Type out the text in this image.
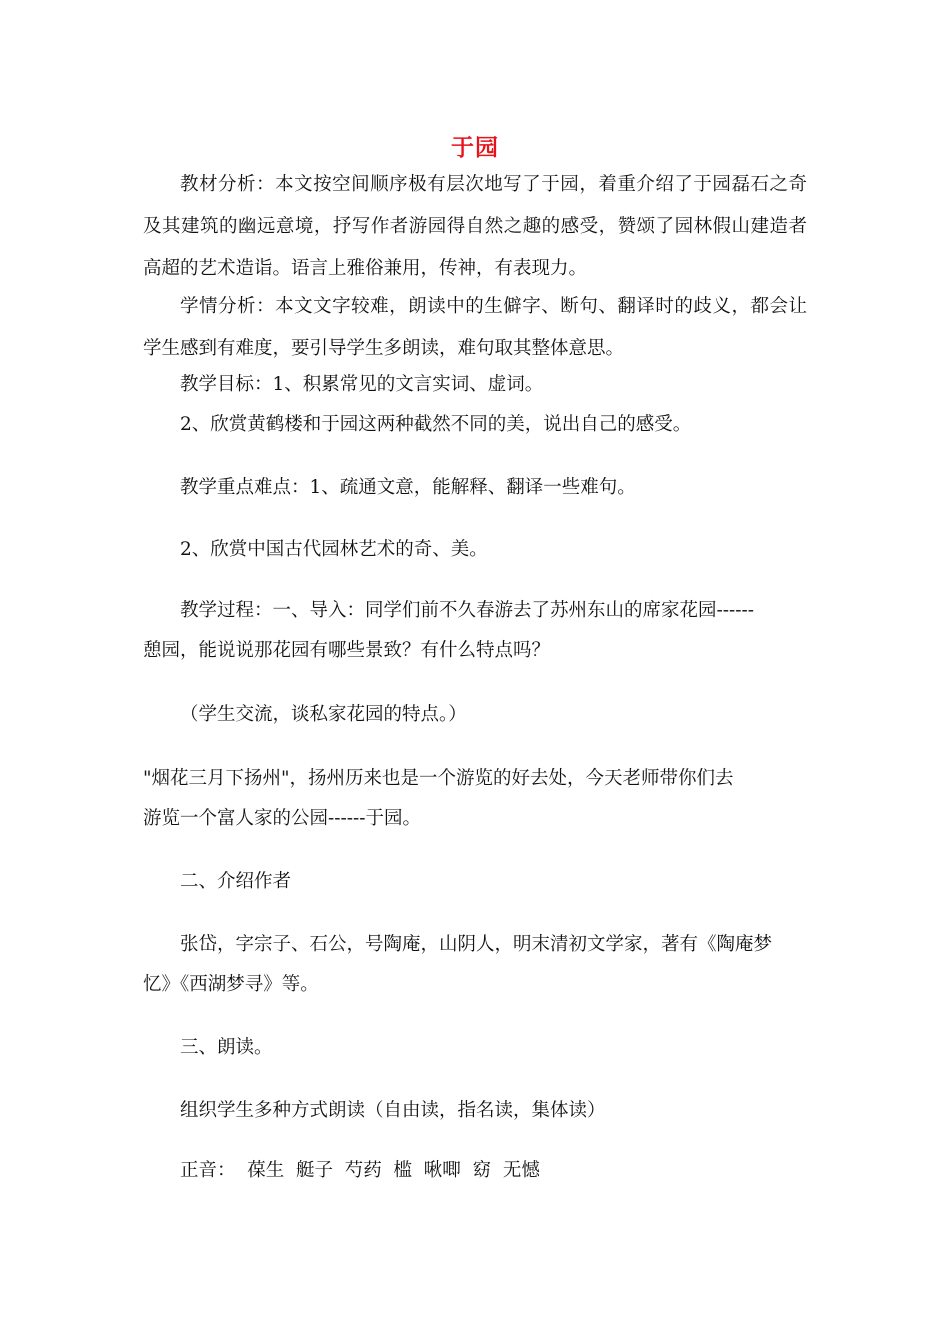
于园
教材分析：本文按空间顺序极有层次地写了于园，着重介绍了于园磊石之奇及其建筑的幽远意境，抒写作者游园得自然之趣的感受，赞颂了园林假山建造者高超的艺术造诣。语言上雅俗兼用，传神，有表现力。
学情分析：本文文字较难，朗读中的生僻字、断句、翻译时的歧义，都会让学生感到有难度，要引导学生多朗读，难句取其整体意思。
教学目标：1、积累常见的文言实词、虚词。
2、欣赏黄鹤楼和于园这两种截然不同的美，说出自己的感受。
教学重点难点：1、疏通文意，能解释、翻译一些难句。
2、欣赏中国古代园林艺术的奇、美。
教学过程：一、导入：同学们前不久春游去了苏州东山的席家花园------
憩园，能说说那花园有哪些景致？有什么特点吗？
（学生交流，谈私家花园的特点。）
"烟花三月下扬州"，扬州历来也是一个游览的好去处，今天老师带你们去
游览一个富人家的公园------于园。
二、介绍作者
张岱，字宗子、石公，号陶庵，山阴人，明末清初文学家，著有《陶庵梦
忆》《西湖梦寻》等。
三、朗读。
组织学生多种方式朗读（自由读，指名读，集体读）
正音：  葆生  艇子  芍药  槛  啾唧  窈  无憾
